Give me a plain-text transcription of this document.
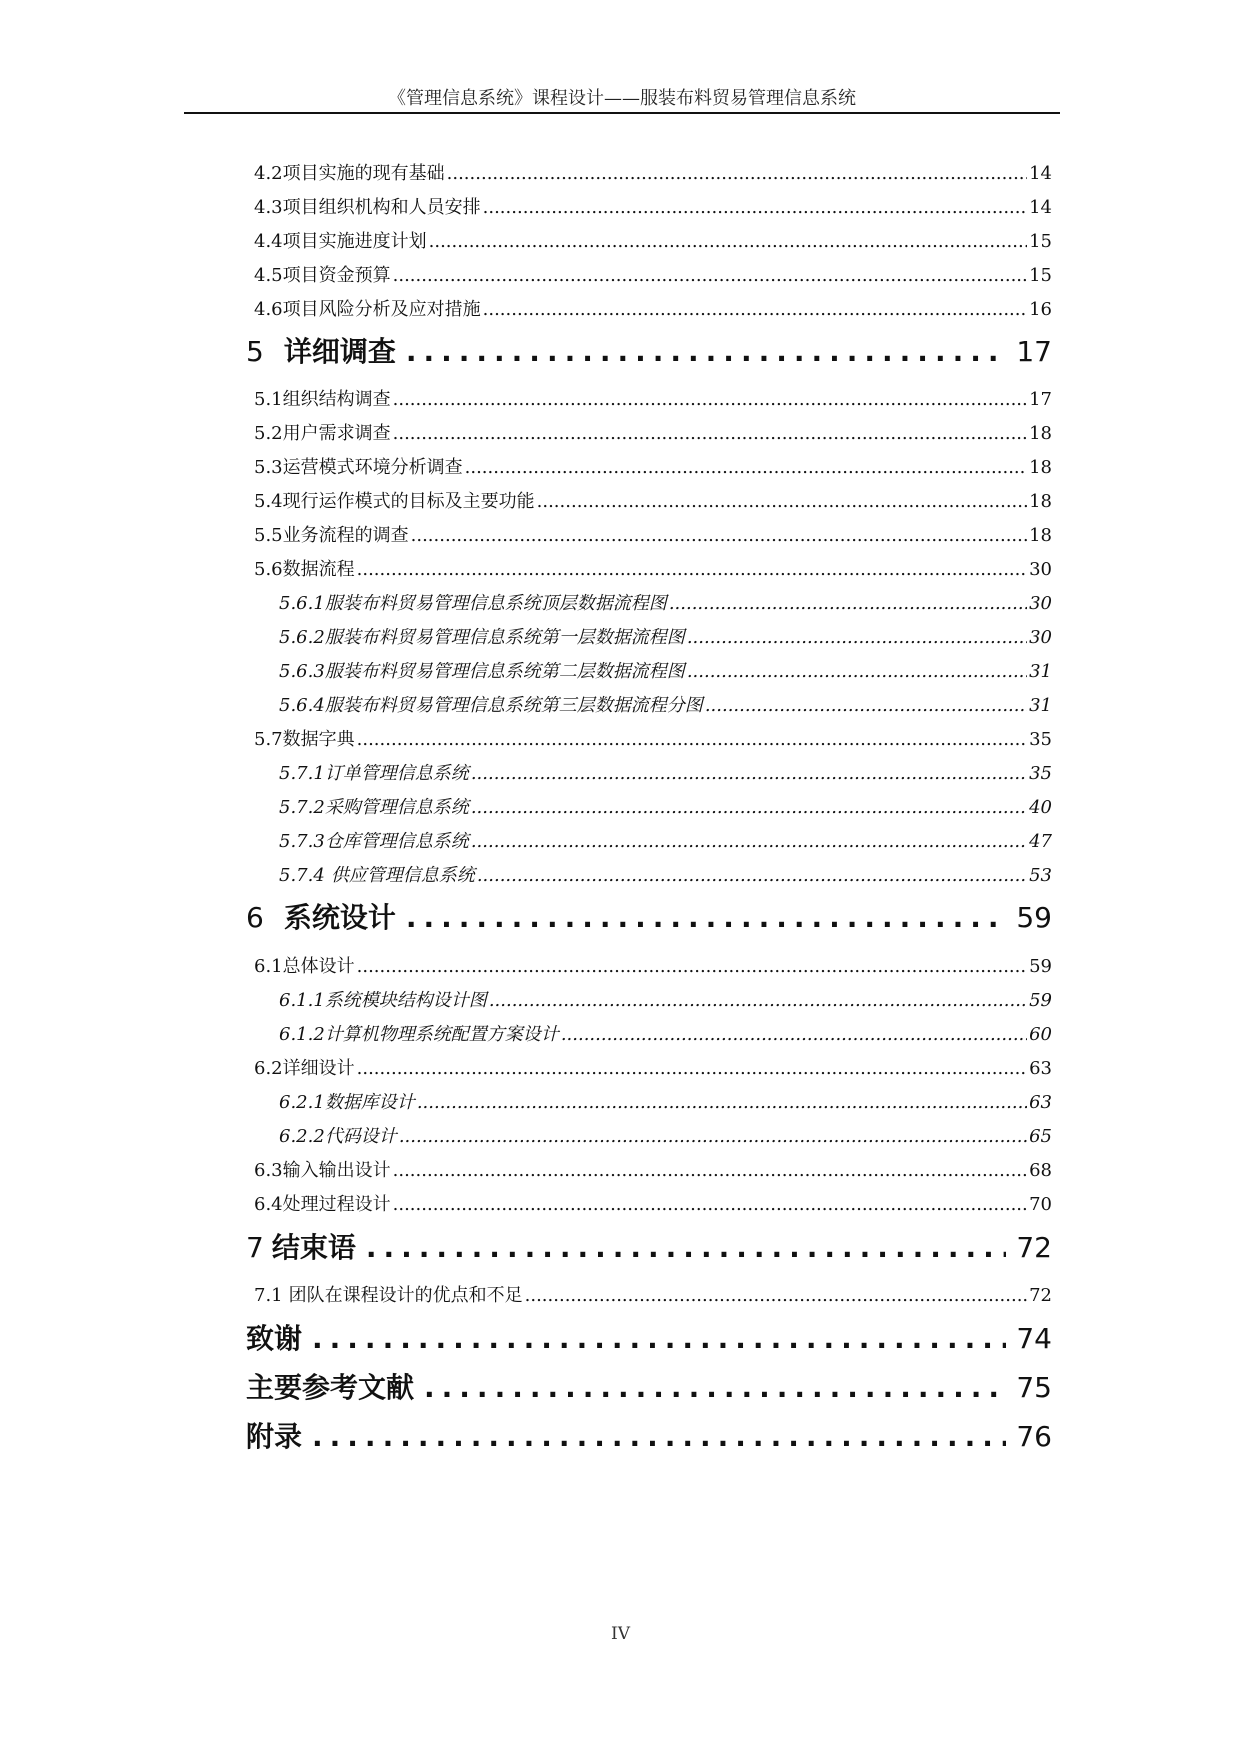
《管理信息系统》课程设计——服装布料贸易管理信息系统
4.2 项目实施的现有基础 .....	14
4.3 项目组织机构和人员安排 .....	14
4.4 项目实施进度计划 .....	15
4.5 项目资金预算 .....	15
4.6 项目风险分析及应对措施 .....	16
5 详细调查 .....	17
5.1 组织结构调查 .....	17
5.2 用户需求调查 .....	18
5.3 运营模式环境分析调查 .....	18
5.4 现行运作模式的目标及主要功能 .....	18
5.5 业务流程的调查 .....	18
5.6 数据流程 .....	30
5.6.1 服装布料贸易管理信息系统顶层数据流程图 .....	30
5.6.2 服装布料贸易管理信息系统第一层数据流程图 .....	30
5.6.3 服装布料贸易管理信息系统第二层数据流程图 .....	31
5.6.4 服装布料贸易管理信息系统第三层数据流程分图 .....	31
5.7 数据字典 .....	35
5.7.1 订单管理信息系统 .....	35
5.7.2 采购管理信息系统 .....	40
5.7.3 仓库管理信息系统 .....	47
5.7.4 供应管理信息系统 .....	53
6 系统设计 .....	59
6.1 总体设计 .....	59
6.1.1 系统模块结构设计图 .....	59
6.1.2 计算机物理系统配置方案设计 .....	60
6.2 详细设计 .....	63
6.2.1 数据库设计 .....	63
6.2.2 代码设计 .....	65
6.3 输入输出设计 .....	68
6.4 处理过程设计 .....	70
7 结束语 .....	72
7.1 团队在课程设计的优点和不足 .....	72
致谢 .....	74
主要参考文献 .....	75
附录 .....	76
IV
